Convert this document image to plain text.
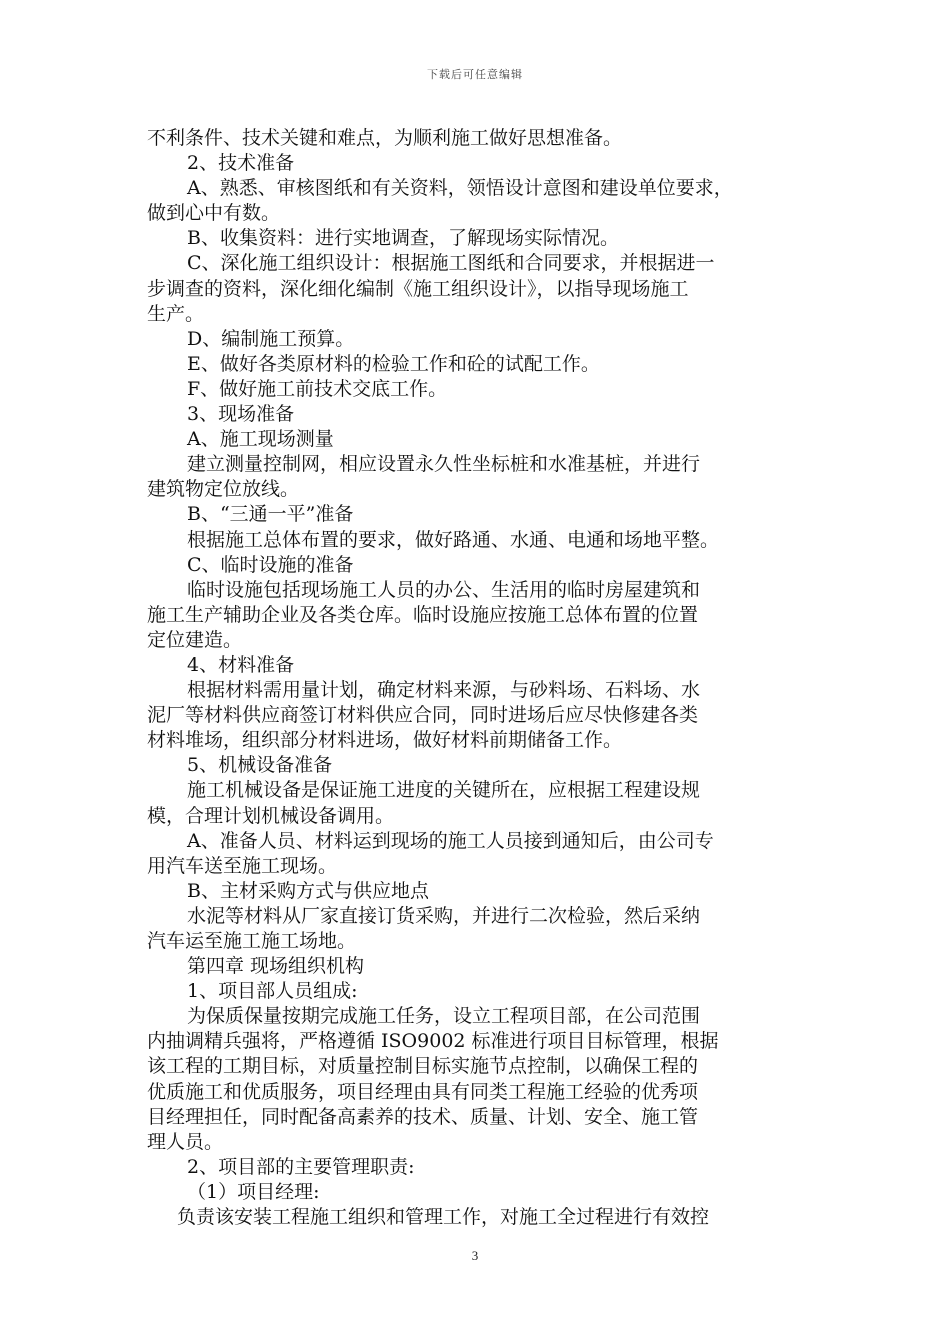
下载后可任意编辑

不利条件、技术关键和难点，为顺利施工做好思想准备。

2、技术准备

A、熟悉、审核图纸和有关资料，领悟设计意图和建设单位要求，

做到心中有数。

B、收集资料：进行实地调查，了解现场实际情况。

C、深化施工组织设计：根据施工图纸和合同要求，并根据进一

步调查的资料，深化细化编制《施工组织设计》，以指导现场施工

生产。

D、编制施工预算。

E、做好各类原材料的检验工作和砼的试配工作。

F、做好施工前技术交底工作。

3、现场准备

A、施工现场测量

建立测量控制网，相应设置永久性坐标桩和水准基桩，并进行

建筑物定位放线。

B、“三通一平”准备

根据施工总体布置的要求，做好路通、水通、电通和场地平整。

C、临时设施的准备

临时设施包括现场施工人员的办公、生活用的临时房屋建筑和

施工生产辅助企业及各类仓库。临时设施应按施工总体布置的位置

定位建造。

4、材料准备

根据材料需用量计划，确定材料来源，与砂料场、石料场、水

泥厂等材料供应商签订材料供应合同，同时进场后应尽快修建各类

材料堆场，组织部分材料进场，做好材料前期储备工作。

5、机械设备准备

施工机械设备是保证施工进度的关键所在，应根据工程建设规

模，合理计划机械设备调用。

A、准备人员、材料运到现场的施工人员接到通知后，由公司专

用汽车送至施工现场。

B、主材采购方式与供应地点

水泥等材料从厂家直接订货采购，并进行二次检验，然后采纳

汽车运至施工施工场地。

第四章 现场组织机构

1、项目部人员组成:

为保质保量按期完成施工任务，设立工程项目部，在公司范围

内抽调精兵强将，严格遵循 ISO9002 标准进行项目目标管理，根据

该工程的工期目标，对质量控制目标实施节点控制，以确保工程的

优质施工和优质服务，项目经理由具有同类工程施工经验的优秀项

目经理担任，同时配备高素养的技术、质量、计划、安全、施工管

理人员。

2、项目部的主要管理职责:

（1）项目经理:

负责该安装工程施工组织和管理工作，对施工全过程进行有效控

3
